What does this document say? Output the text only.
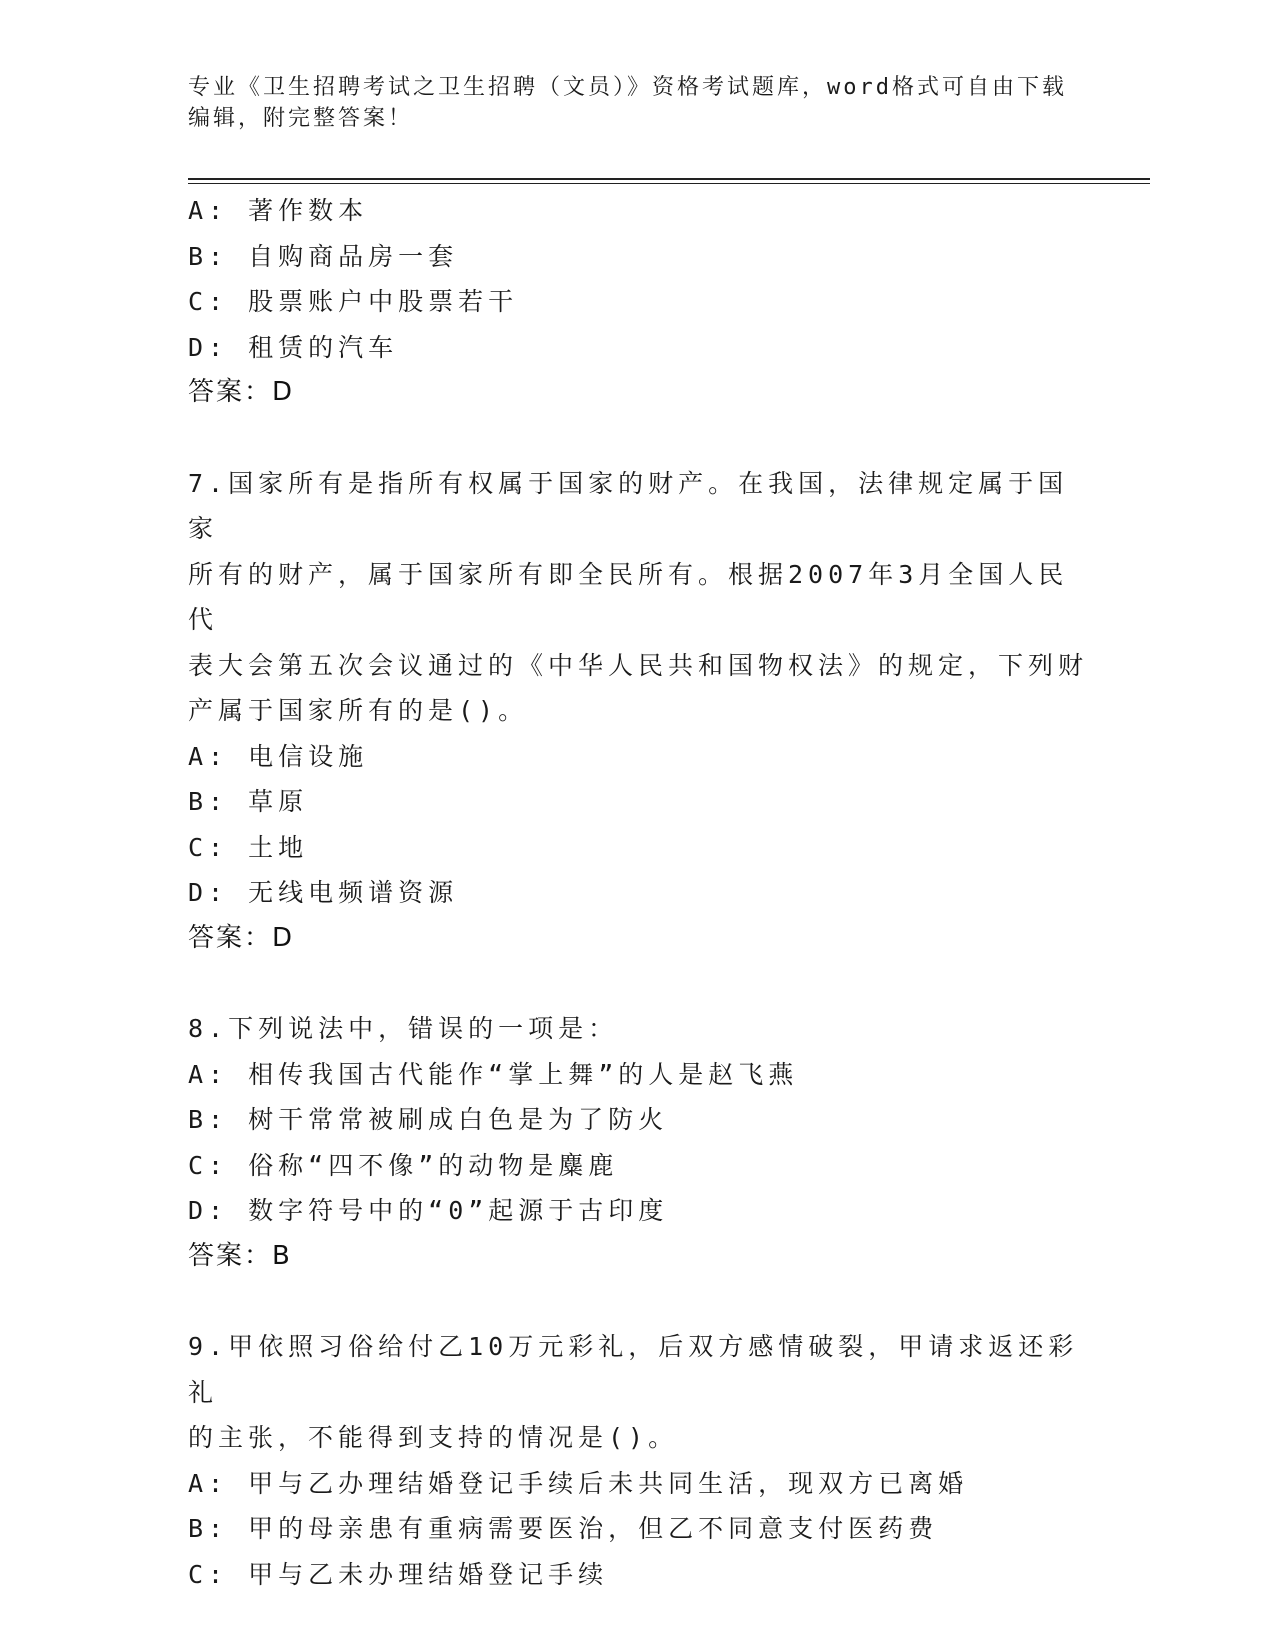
专业《卫生招聘考试之卫生招聘（文员）》资格考试题库，word格式可自由下载
编辑，附完整答案！
A: 著作数本
B: 自购商品房一套
C: 股票账户中股票若干
D: 租赁的汽车
答案：D
7.国家所有是指所有权属于国家的财产。在我国，法律规定属于国家
所有的财产，属于国家所有即全民所有。根据2007年3月全国人民代
表大会第五次会议通过的《中华人民共和国物权法》的规定，下列财
产属于国家所有的是()。
A: 电信设施
B: 草原
C: 土地
D: 无线电频谱资源
答案：D
8.下列说法中，错误的一项是：
A: 相传我国古代能作“掌上舞”的人是赵飞燕
B: 树干常常被刷成白色是为了防火
C: 俗称“四不像”的动物是麋鹿
D: 数字符号中的“0”起源于古印度
答案：B
9.甲依照习俗给付乙10万元彩礼，后双方感情破裂，甲请求返还彩礼
的主张，不能得到支持的情况是()。
A: 甲与乙办理结婚登记手续后未共同生活，现双方已离婚
B: 甲的母亲患有重病需要医治，但乙不同意支付医药费
C: 甲与乙未办理结婚登记手续
